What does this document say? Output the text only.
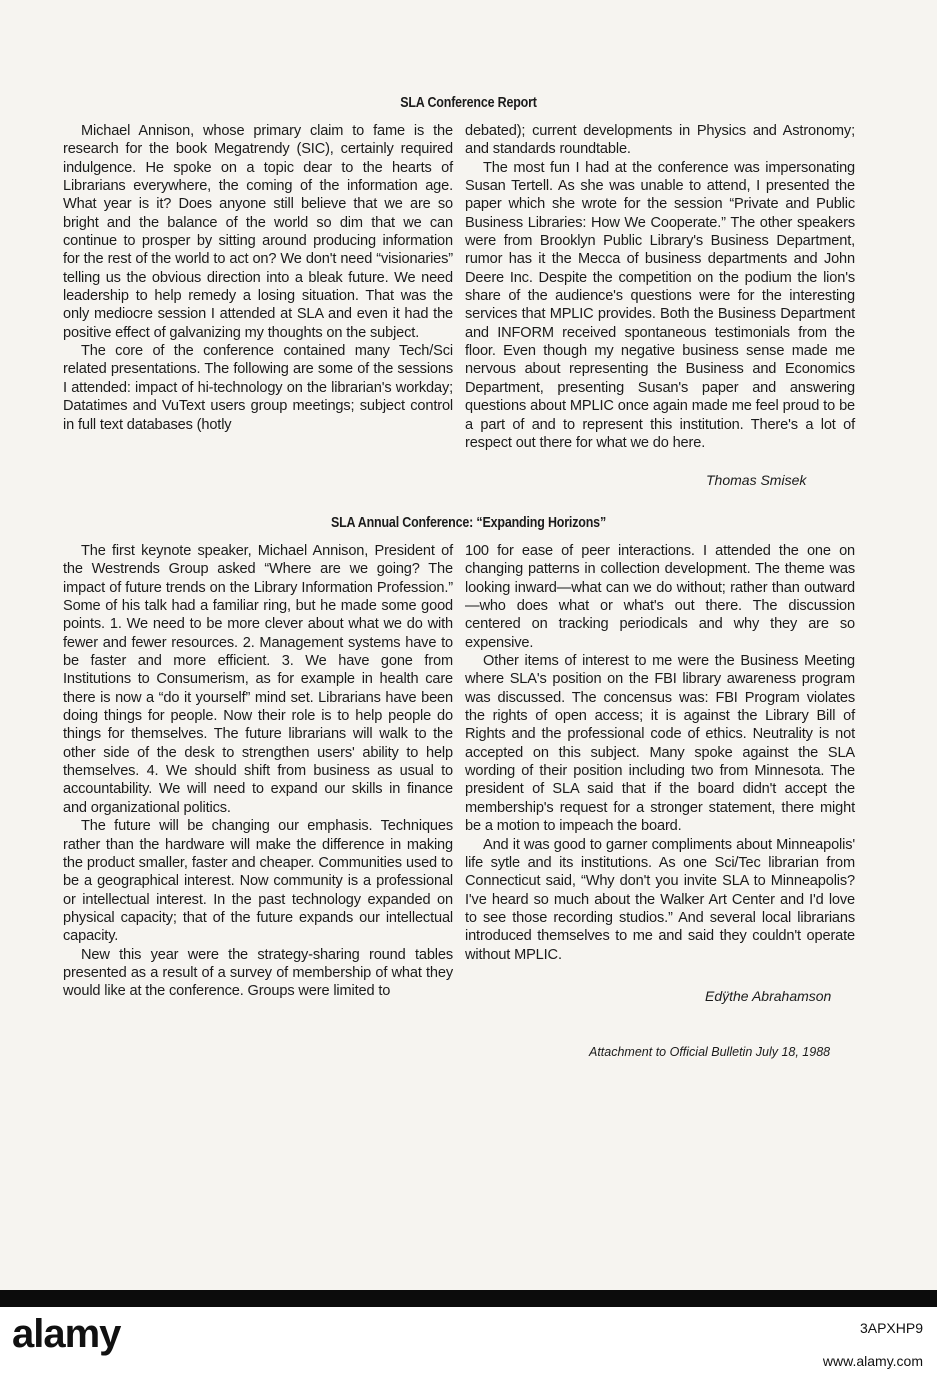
SLA Conference Report

Michael Annison, whose primary claim to fame is the research for the book Megatrendy (SIC), certainly required indulgence. He spoke on a topic dear to the hearts of Librarians everywhere, the coming of the information age. What year is it? Does anyone still believe that we are so bright and the balance of the world so dim that we can continue to prosper by sitting around producing information for the rest of the world to act on? We don't need “visionaries” telling us the obvious direction into a bleak future. We need leadership to help remedy a losing situation. That was the only mediocre session I attended at SLA and even it had the positive effect of galvanizing my thoughts on the subject.

The core of the conference contained many Tech/Sci related presentations. The following are some of the sessions I attended: impact of hi-technology on the librarian's workday; Datatimes and VuText users group meetings; subject control in full text databases (hotly

debated); current developments in Physics and Astronomy; and standards roundtable.

The most fun I had at the conference was impersonating Susan Tertell. As she was unable to attend, I presented the paper which she wrote for the session “Private and Public Business Libraries: How We Cooperate.” The other speakers were from Brooklyn Public Library's Business Department, rumor has it the Mecca of business departments and John Deere Inc. Despite the competition on the podium the lion's share of the audience's questions were for the interesting services that MPLIC provides. Both the Business Department and INFORM received spontaneous testimonials from the floor. Even though my negative business sense made me nervous about representing the Business and Economics Department, presenting Susan's paper and answering questions about MPLIC once again made me feel proud to be a part of and to represent this institution. There's a lot of respect out there for what we do here.

Thomas Smisek
SLA Annual Conference: “Expanding Horizons”

The first keynote speaker, Michael Annison, President of the Westrends Group asked “Where are we going? The impact of future trends on the Library Information Profession.” Some of his talk had a familiar ring, but he made some good points. 1. We need to be more clever about what we do with fewer and fewer resources. 2. Management systems have to be faster and more efficient. 3. We have gone from Institutions to Consumerism, as for example in health care there is now a “do it yourself” mind set. Librarians have been doing things for people. Now their role is to help people do things for themselves. The future librarians will walk to the other side of the desk to strengthen users' ability to help themselves. 4. We should shift from business as usual to accountability. We will need to expand our skills in finance and organizational politics.

The future will be changing our emphasis. Techniques rather than the hardware will make the difference in making the product smaller, faster and cheaper. Communities used to be a geographical interest. Now community is a professional or intellectual interest. In the past technology expanded on physical capacity; that of the future expands our intellectual capacity.

New this year were the strategy-sharing round tables presented as a result of a survey of membership of what they would like at the conference. Groups were limited to

100 for ease of peer interactions. I attended the one on changing patterns in collection development. The theme was looking inward—what can we do without; rather than outward—who does what or what's out there. The discussion centered on tracking periodicals and why they are so expensive.

Other items of interest to me were the Business Meeting where SLA's position on the FBI library awareness program was discussed. The concensus was: FBI Program violates the rights of open access; it is against the Library Bill of Rights and the professional code of ethics. Neutrality is not accepted on this subject. Many spoke against the SLA wording of their position including two from Minnesota. The president of SLA said that if the board didn't accept the membership's request for a stronger statement, there might be a motion to impeach the board.

And it was good to garner compliments about Minneapolis' life sytle and its institutions. As one Sci/Tec librarian from Connecticut said, “Why don't you invite SLA to Minneapolis? I've heard so much about the Walker Art Center and I'd love to see those recording studios.” And several local librarians introduced themselves to me and said they couldn't operate without MPLIC.

Edÿthe Abrahamson
Attachment to Official Bulletin July 18, 1988
alamy	3APXHP9
www.alamy.com
